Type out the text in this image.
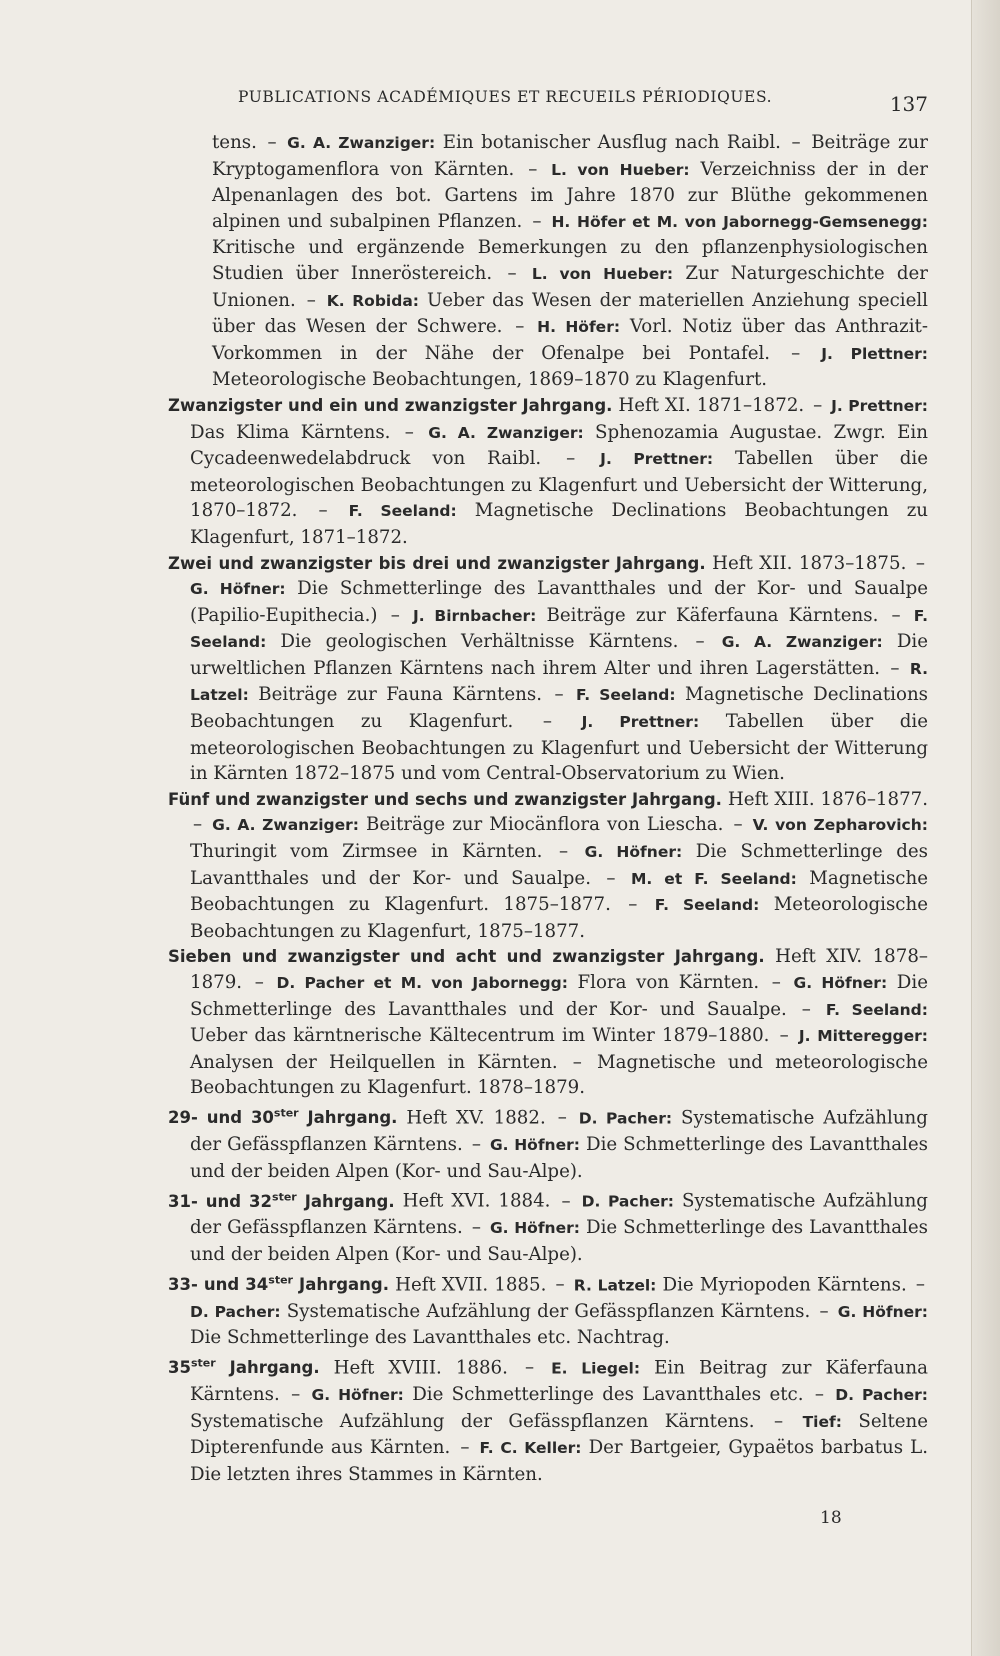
PUBLICATIONS ACADÉMIQUES ET RECUEILS PÉRIODIQUES.	137

tens. – G. A. Zwanziger: Ein botanischer Ausflug nach Raibl. – Beiträge zur Kryptogamenflora von Kärnten. – L. von Hueber: Verzeichniss der in der Alpenanlagen des bot. Gartens im Jahre 1870 zur Blüthe gekommenen alpinen und subalpinen Pflanzen. – H. Höfer et M. von Jabornegg-Gemsenegg: Kritische und ergänzende Bemerkungen zu den pflanzenphysiologischen Studien über Inneröstereich. – L. von Hueber: Zur Naturgeschichte der Unionen. – K. Robida: Ueber das Wesen der materiellen Anziehung speciell über das Wesen der Schwere. – H. Höfer: Vorl. Notiz über das Anthrazit-Vorkommen in der Nähe der Ofenalpe bei Pontafel. – J. Plettner: Meteorologische Beobachtungen, 1869–1870 zu Klagenfurt.

Zwanzigster und ein und zwanzigster Jahrgang. Heft XI. 1871–1872. – J. Prettner: Das Klima Kärntens. – G. A. Zwanziger: Sphenozamia Augustae. Zwgr. Ein Cycadeenwedelabdruck von Raibl. – J. Prettner: Tabellen über die meteorologischen Beobachtungen zu Klagenfurt und Uebersicht der Witterung, 1870–1872. – F. Seeland: Magnetische Declinations Beobachtungen zu Klagenfurt, 1871–1872.

Zwei und zwanzigster bis drei und zwanzigster Jahrgang. Heft XII. 1873–1875. – G. Höfner: Die Schmetterlinge des Lavantthales und der Kor- und Saualpe (Papilio-Eupithecia.) – J. Birnbacher: Beiträge zur Käferfauna Kärntens. – F. Seeland: Die geologischen Verhältnisse Kärntens. – G. A. Zwanziger: Die urweltlichen Pflanzen Kärntens nach ihrem Alter und ihren Lagerstätten. – R. Latzel: Beiträge zur Fauna Kärntens. – F. Seeland: Magnetische Declinations Beobachtungen zu Klagenfurt. – J. Prettner: Tabellen über die meteorologischen Beobachtungen zu Klagenfurt und Uebersicht der Witterung in Kärnten 1872–1875 und vom Central-Observatorium zu Wien.

Fünf und zwanzigster und sechs und zwanzigster Jahrgang. Heft XIII. 1876–1877. – G. A. Zwanziger: Beiträge zur Miocänflora von Liescha. – V. von Zepharovich: Thuringit vom Zirmsee in Kärnten. – G. Höfner: Die Schmetterlinge des Lavantthales und der Kor- und Saualpe. – M. et F. Seeland: Magnetische Beobachtungen zu Klagenfurt. 1875–1877. – F. Seeland: Meteorologische Beobachtungen zu Klagenfurt, 1875–1877.

Sieben und zwanzigster und acht und zwanzigster Jahrgang. Heft XIV. 1878–1879. – D. Pacher et M. von Jabornegg: Flora von Kärnten. – G. Höfner: Die Schmetterlinge des Lavantthales und der Kor- und Saualpe. – F. Seeland: Ueber das kärntnerische Kältecentrum im Winter 1879–1880. – J. Mitteregger: Analysen der Heilquellen in Kärnten. – Magnetische und meteorologische Beobachtungen zu Klagenfurt. 1878–1879.

29- und $30^{ster}$ Jahrgang. Heft XV. 1882. – D. Pacher: Systematische Aufzählung der Gefässpflanzen Kärntens. – G. Höfner: Die Schmetterlinge des Lavantthales und der beiden Alpen (Kor- und Sau-Alpe).

31- und $32^{ster}$ Jahrgang. Heft XVI. 1884. – D. Pacher: Systematische Aufzählung der Gefässpflanzen Kärntens. – G. Höfner: Die Schmetterlinge des Lavantthales und der beiden Alpen (Kor- und Sau-Alpe).

33- und $34^{ster}$ Jahrgang. Heft XVII. 1885. – R. Latzel: Die Myriopoden Kärntens. – D. Pacher: Systematische Aufzählung der Gefässpflanzen Kärntens. – G. Höfner: Die Schmetterlinge des Lavantthales etc. Nachtrag.

$35^{ster}$ Jahrgang. Heft XVIII. 1886. – E. Liegel: Ein Beitrag zur Käferfauna Kärntens. – G. Höfner: Die Schmetterlinge des Lavantthales etc. – D. Pacher: Systematische Aufzählung der Gefässpflanzen Kärntens. – Tief: Seltene Dipterenfunde aus Kärnten. – F. C. Keller: Der Bartgeier, Gypaëtos barbatus L. Die letzten ihres Stammes in Kärnten.

18
